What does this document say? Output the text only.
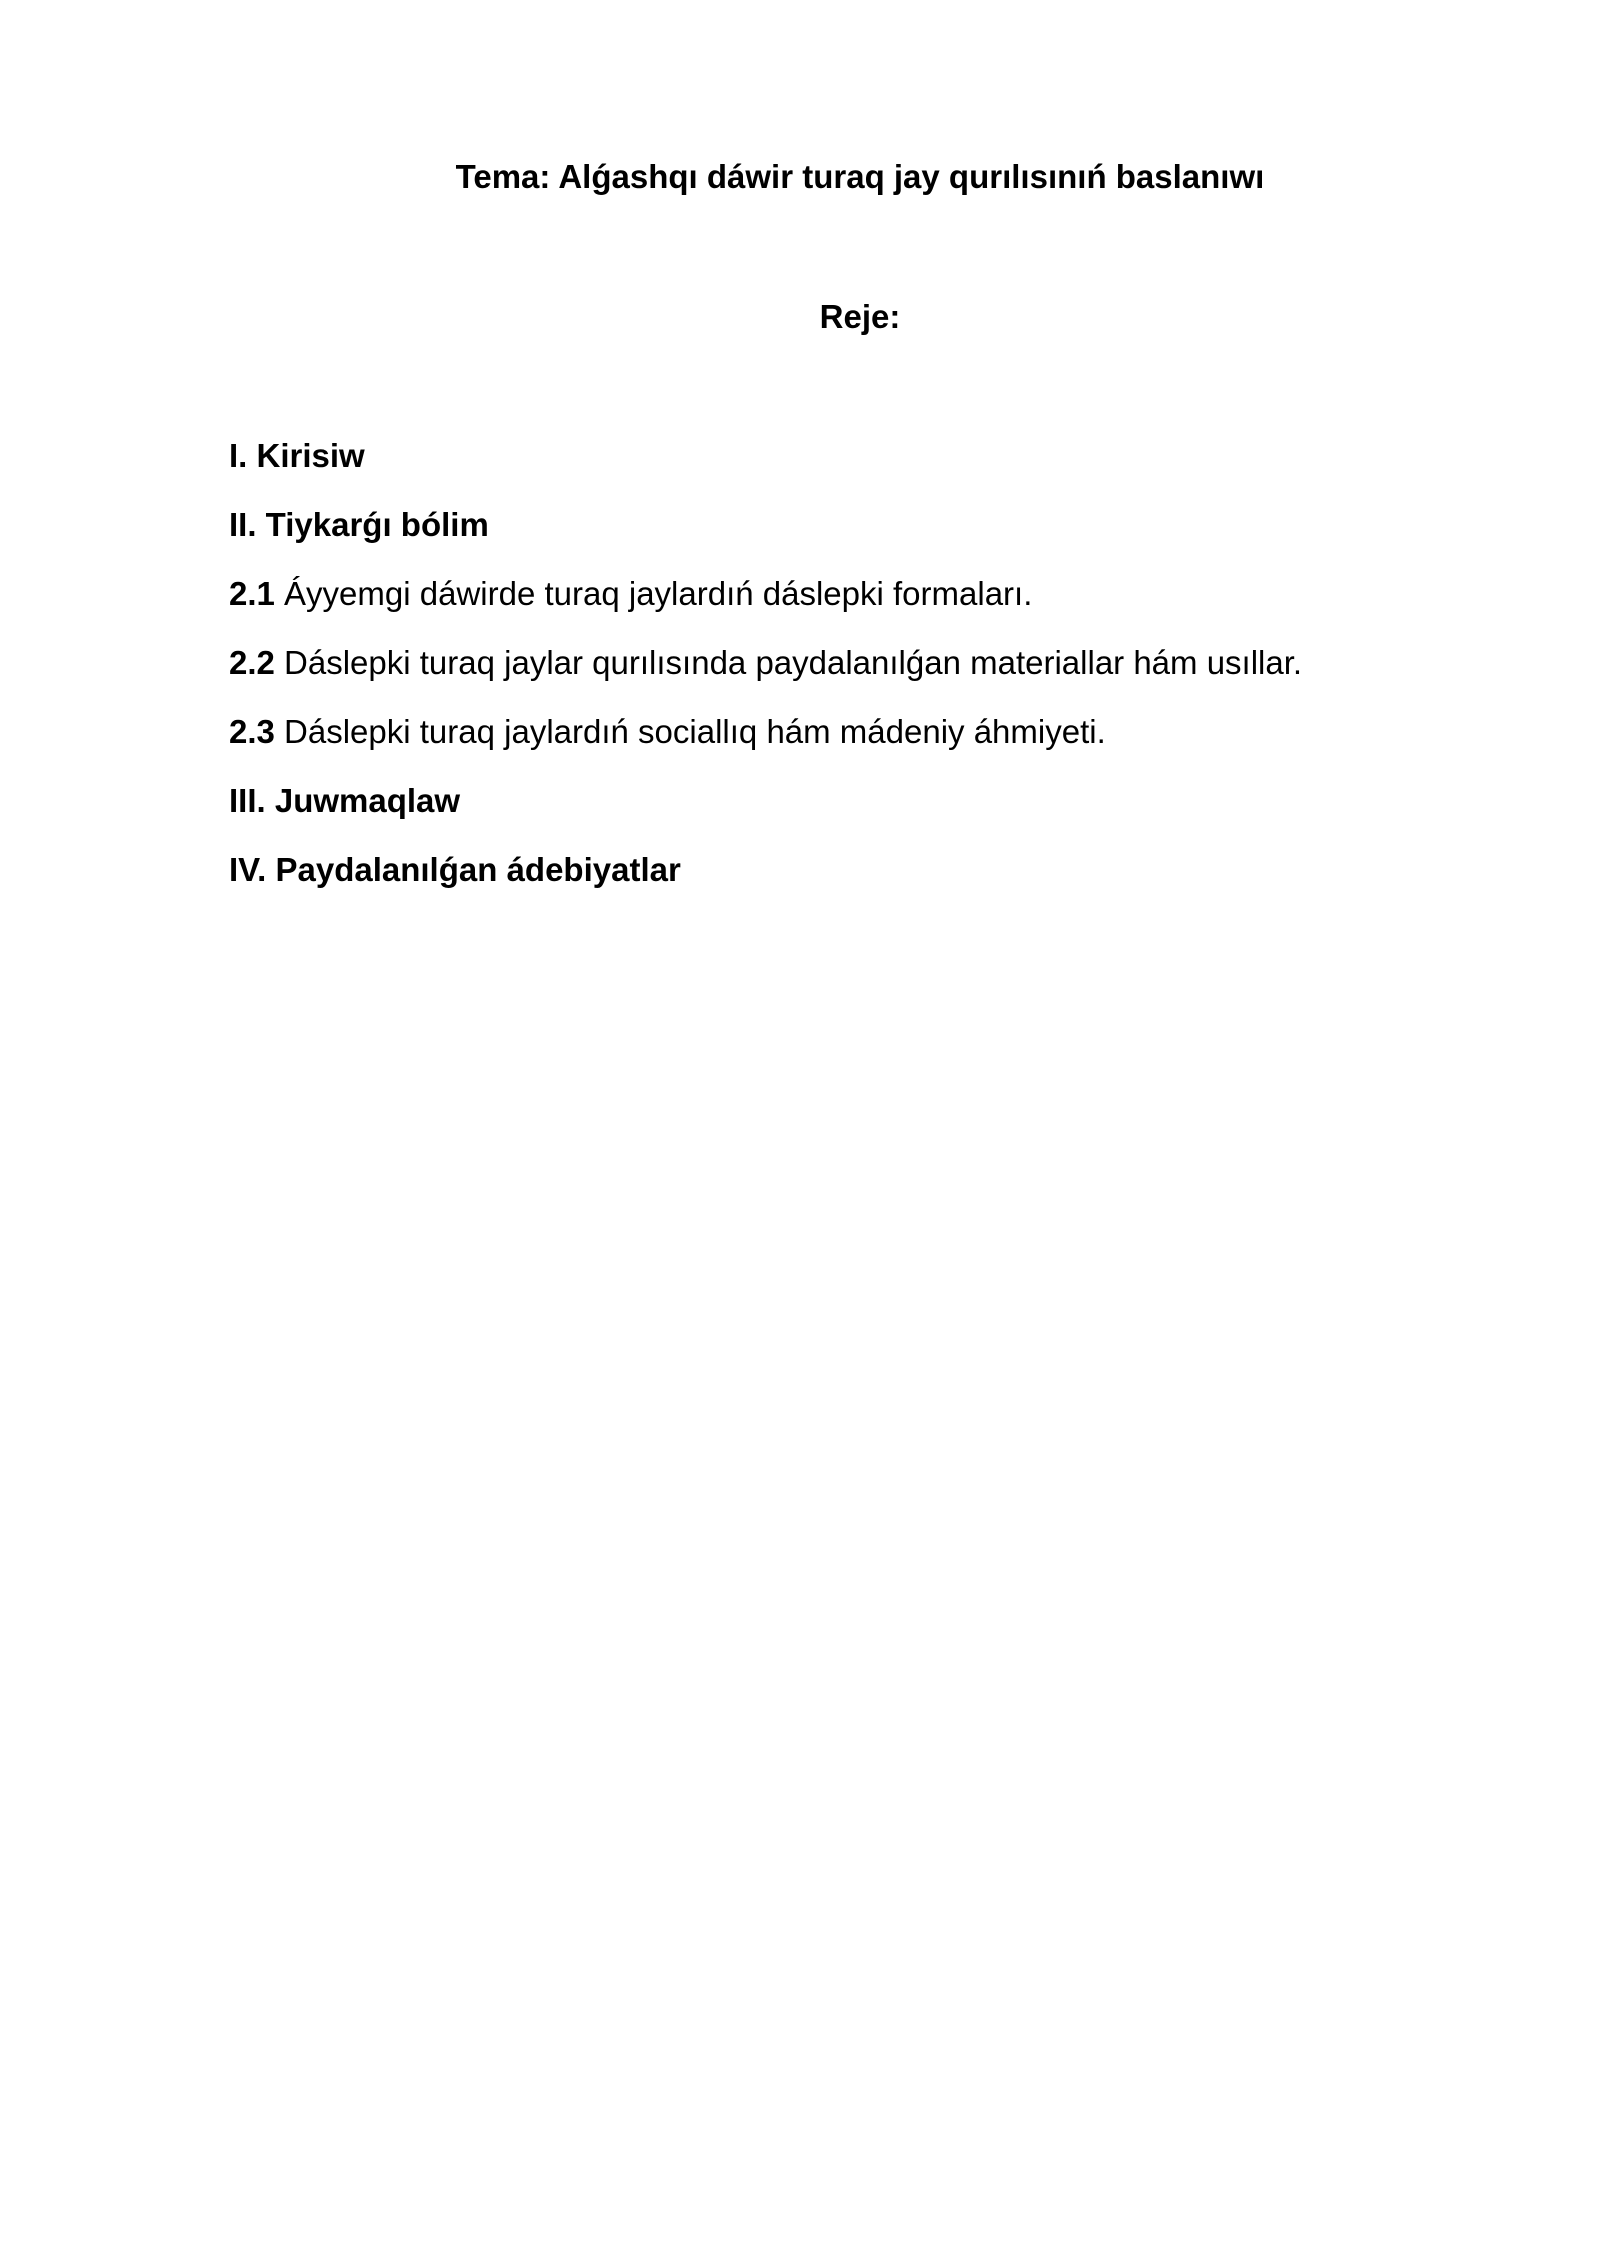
Tema: Alǵashqı dáwir turaq jay qurılısınıń baslanıwı
Reje:
I. Kirisiw
II. Tiykarǵı bólim
2.1 Áyyemgi dáwirde turaq jaylardıń dáslepki formaları.
2.2 Dáslepki turaq jaylar qurılısında paydalanılǵan materiallar hám usıllar.
2.3 Dáslepki turaq jaylardıń sociallıq hám mádeniy áhmiyeti.
III. Juwmaqlaw
IV. Paydalanılǵan ádebiyatlar
